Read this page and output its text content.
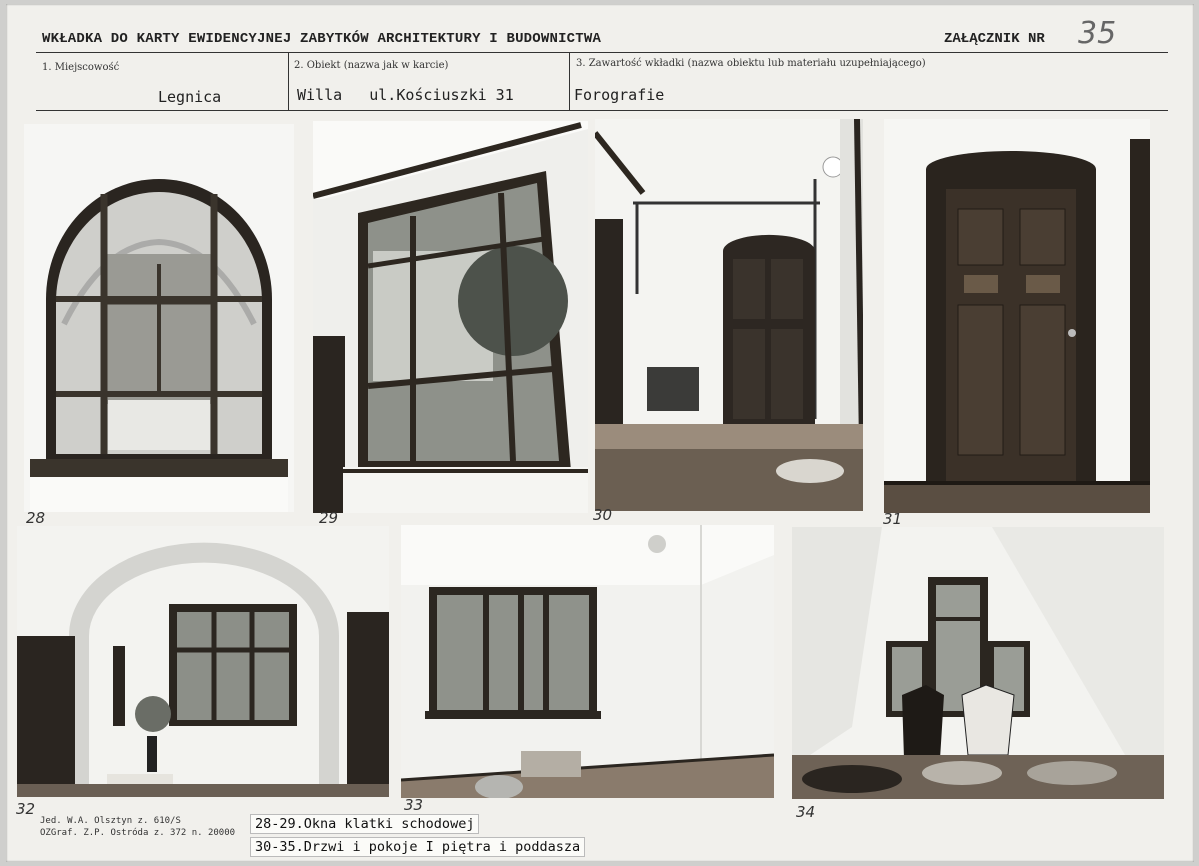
WKŁADKA DO KARTY EWIDENCYJNEJ ZABYTKÓW ARCHITEKTURY I BUDOWNICTWA	ZAŁĄCZNIK NR 35
1. Miejscowość
Legnica
2. Obiekt (nazwa jak w karcie)
Willa   ul.Kościuszki 31
3. Zawartość wkładki (nazwa obiektu lub materiału uzupełniającego)
Forografie
28	29	30	31
32	33	34
Jed. W.A. Olsztyn z. 610/S
OZGraf. Z.P. Ostróda z. 372 n. 20000
28-29.Okna klatki schodowej
30-35.Drzwi i pokoje I piętra i poddasza
